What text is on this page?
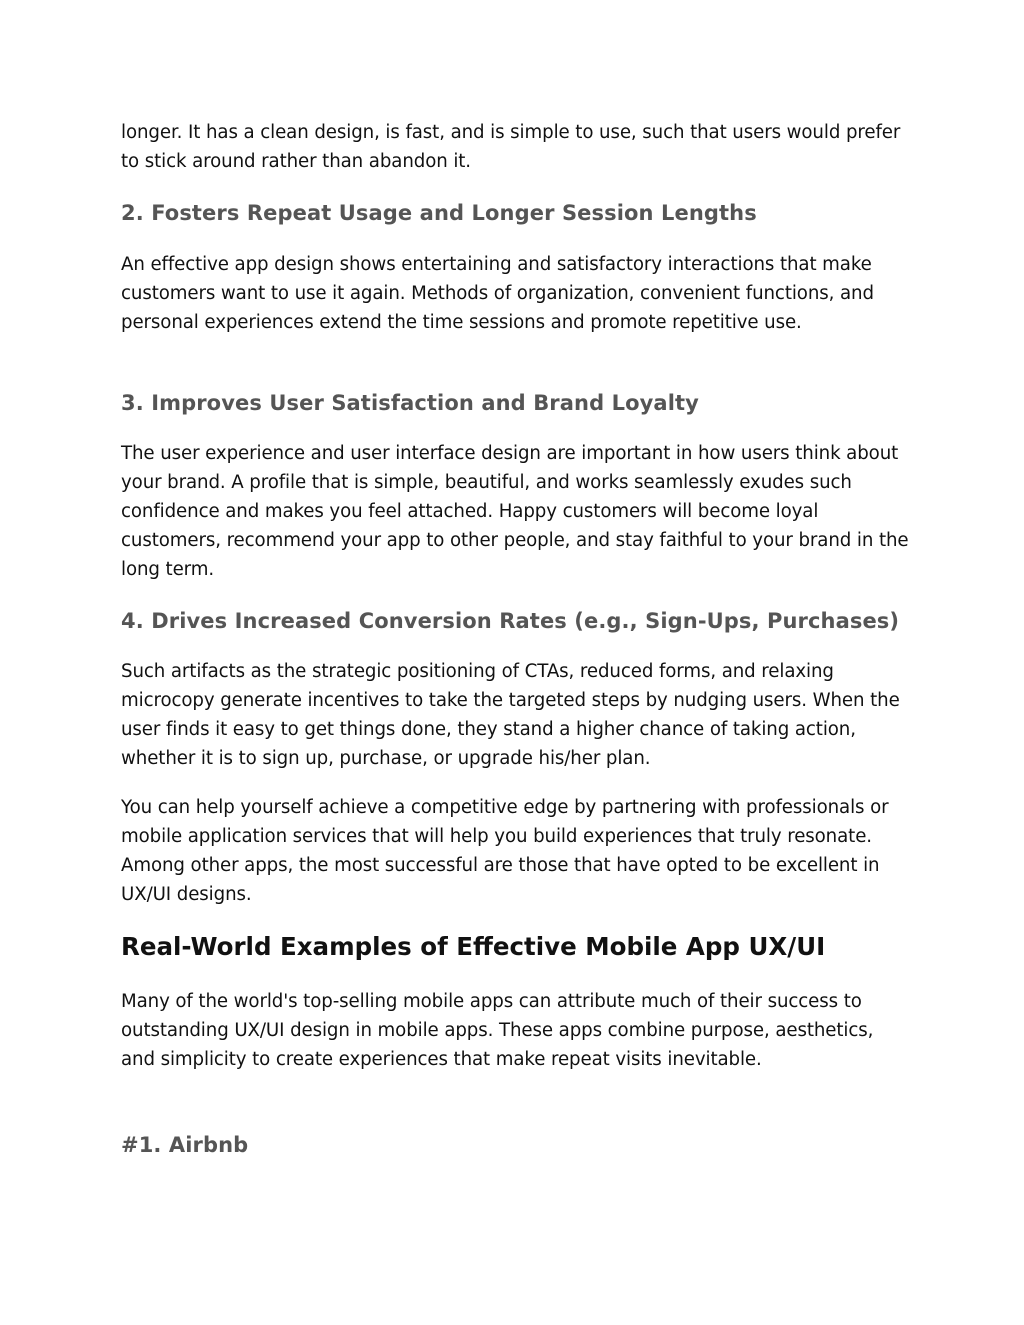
longer. It has a clean design, is fast, and is simple to use, such that users would prefer to stick around rather than abandon it.

2. Fosters Repeat Usage and Longer Session Lengths

An effective app design shows entertaining and satisfactory interactions that make customers want to use it again. Methods of organization, convenient functions, and personal experiences extend the time sessions and promote repetitive use.

3. Improves User Satisfaction and Brand Loyalty

The user experience and user interface design are important in how users think about your brand. A profile that is simple, beautiful, and works seamlessly exudes such confidence and makes you feel attached. Happy customers will become loyal customers, recommend your app to other people, and stay faithful to your brand in the long term.

4. Drives Increased Conversion Rates (e.g., Sign-Ups, Purchases)

Such artifacts as the strategic positioning of CTAs, reduced forms, and relaxing microcopy generate incentives to take the targeted steps by nudging users. When the user finds it easy to get things done, they stand a higher chance of taking action, whether it is to sign up, purchase, or upgrade his/her plan.

You can help yourself achieve a competitive edge by partnering with professionals or mobile application services that will help you build experiences that truly resonate. Among other apps, the most successful are those that have opted to be excellent in UX/UI designs.

Real-World Examples of Effective Mobile App UX/UI

Many of the world's top-selling mobile apps can attribute much of their success to outstanding UX/UI design in mobile apps. These apps combine purpose, aesthetics, and simplicity to create experiences that make repeat visits inevitable.

#1. Airbnb
